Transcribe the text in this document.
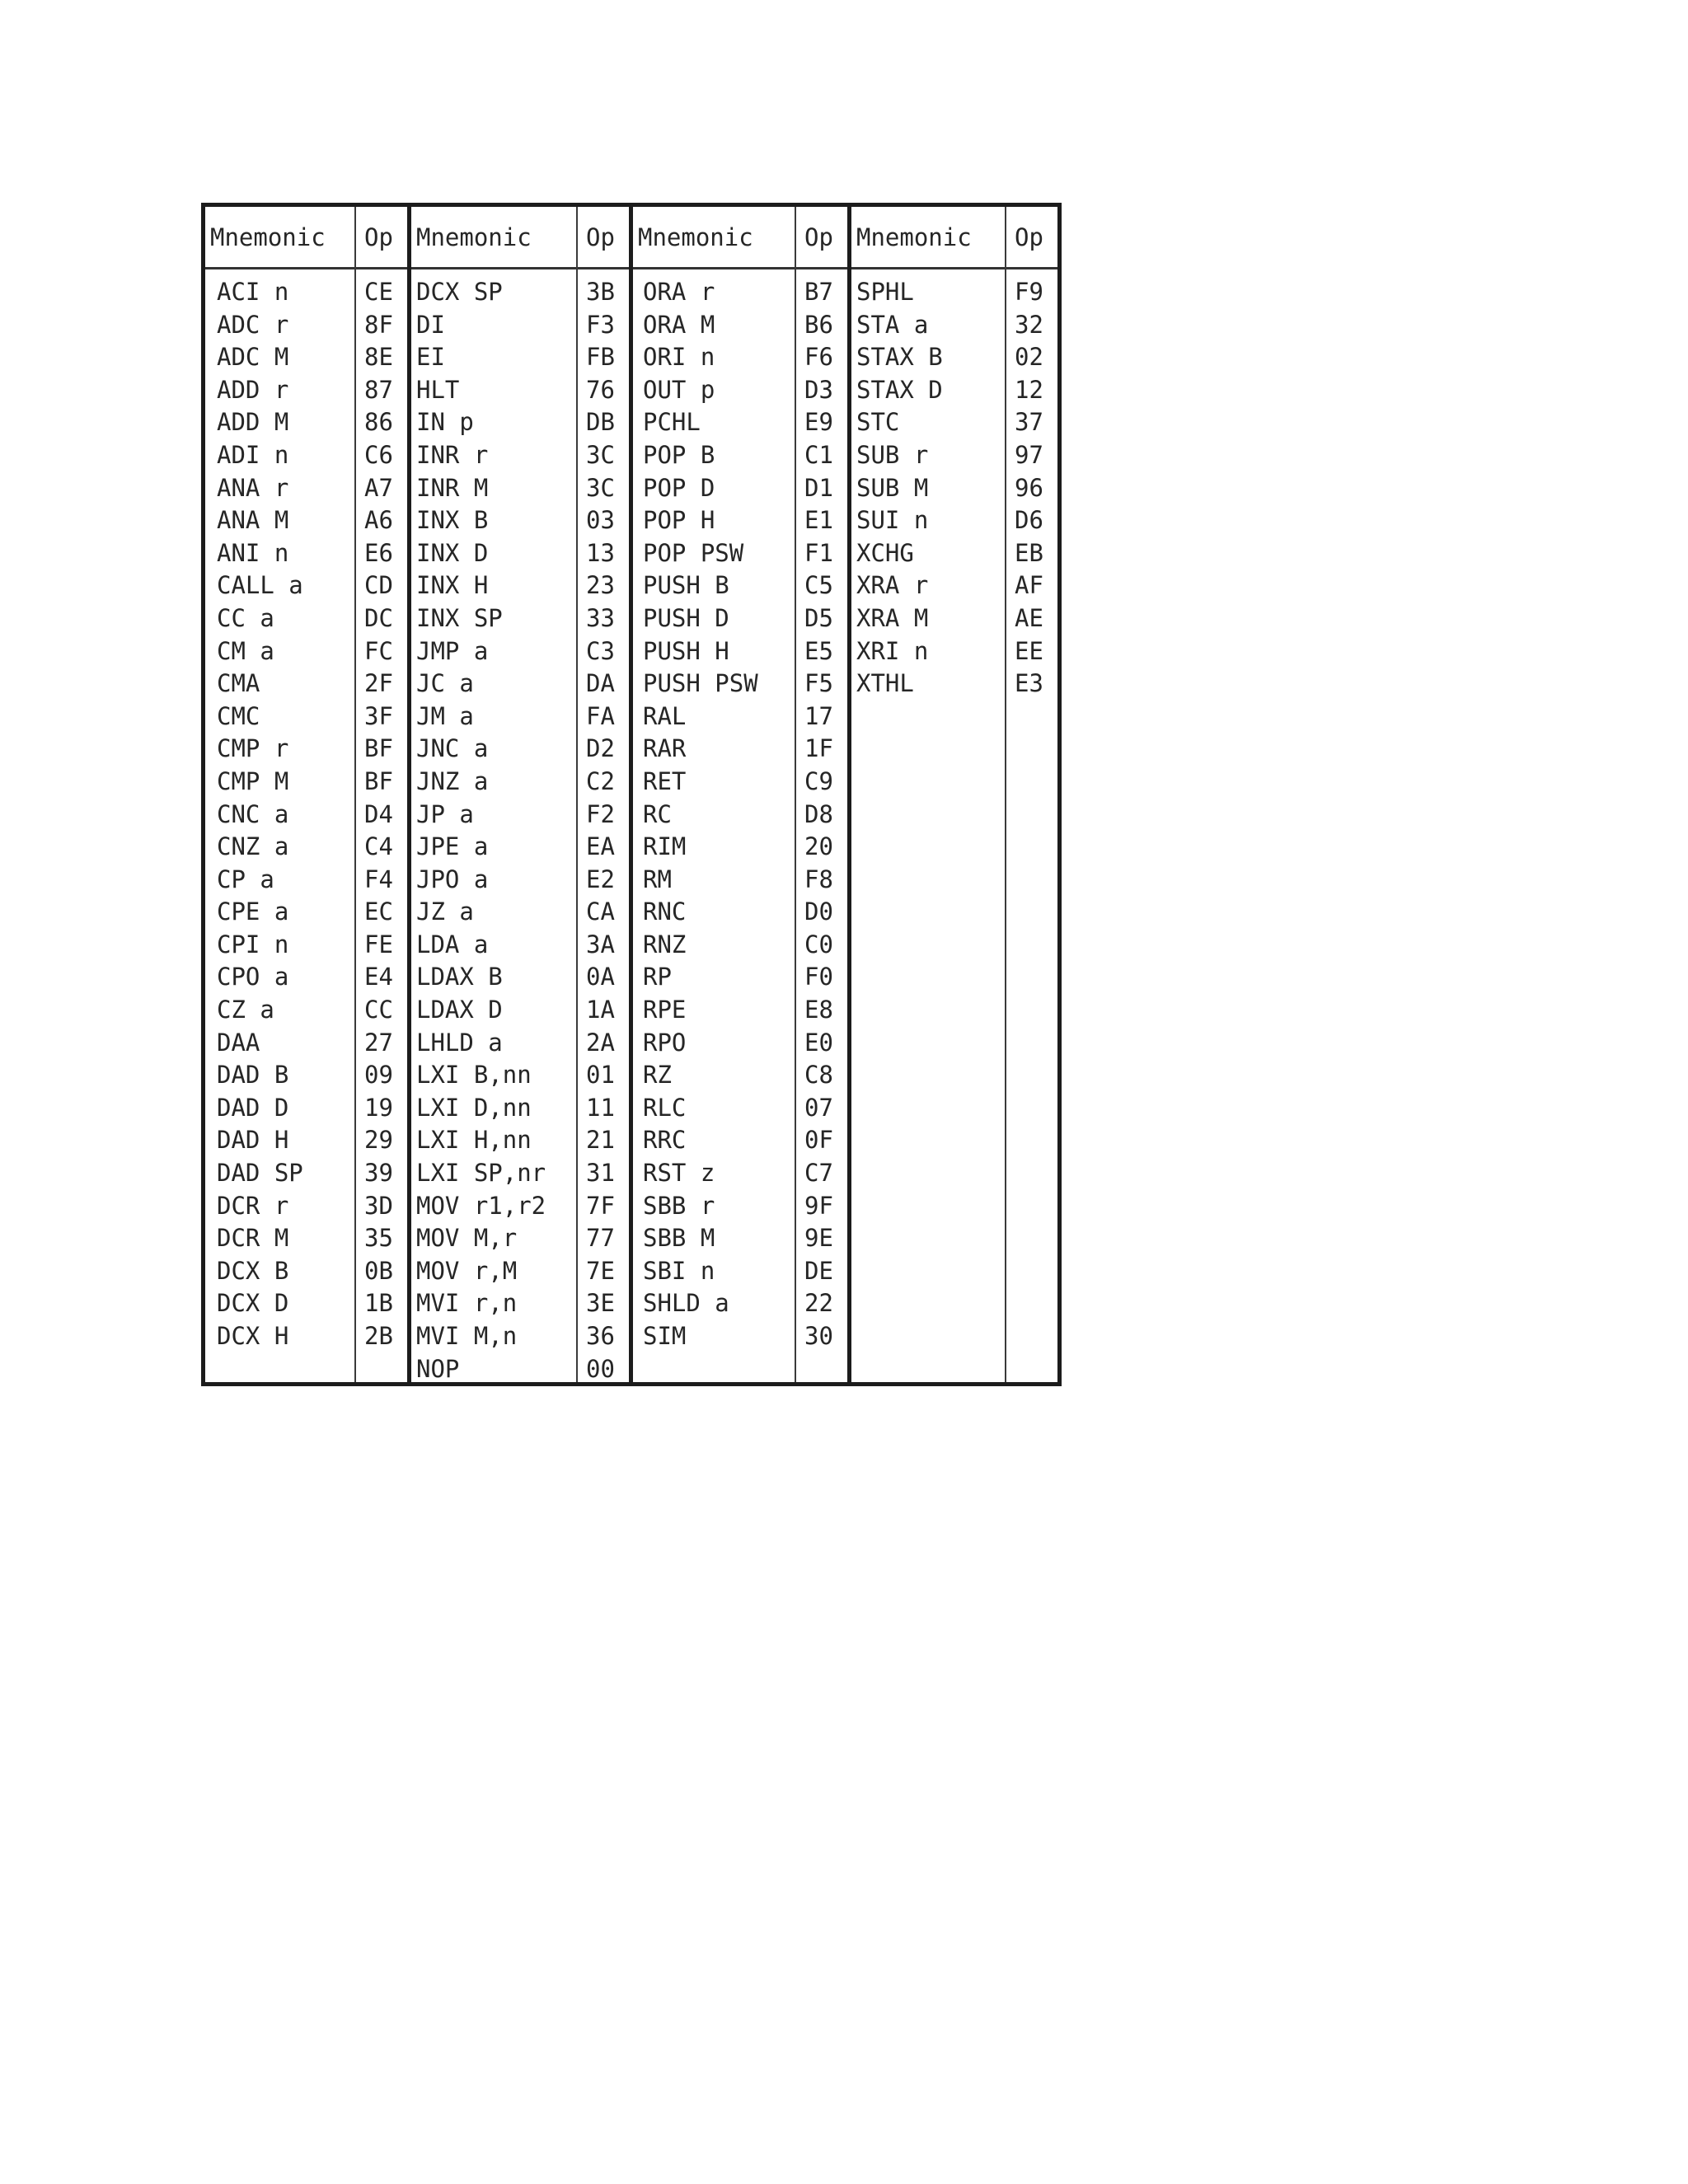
Mnemonic
ACI n
ADC r
ADC M
ADD r
ADD M
ADI n
ANA r
ANA M
ANI n
CALL a
CC a
CM a
CMA
CMC
CMP r
CMP M
CNC a
CNZ a
CP a
CPE a
CPI n
CPO a
CZ a
DAA
DAD B
DAD D
DAD H
DAD SP
DCR r
DCR M
DCX B
DCX D
DCX H
Op
CE
8F
8E
87
86
C6
A7
A6
E6
CD
DC
FC
2F
3F
BF
BF
D4
C4
F4
EC
FE
E4
CC
27
09
19
29
39
3D
35
0B
1B
2B
Mnemonic
DCX SP
DI
EI
HLT
IN p
INR r
INR M
INX B
INX D
INX H
INX SP
JMP a
JC a
JM a
JNC a
JNZ a
JP a
JPE a
JPO a
JZ a
LDA a
LDAX B
LDAX D
LHLD a
LXI B,nn
LXI D,nn
LXI H,nn
LXI SP,nr
MOV r1,r2
MOV M,r
MOV r,M
MVI r,n
MVI M,n
NOP
Op
3B
F3
FB
76
DB
3C
3C
03
13
23
33
C3
DA
FA
D2
C2
F2
EA
E2
CA
3A
0A
1A
2A
01
11
21
31
7F
77
7E
3E
36
00
Mnemonic
ORA r
ORA M
ORI n
OUT p
PCHL
POP B
POP D
POP H
POP PSW
PUSH B
PUSH D
PUSH H
PUSH PSW
RAL
RAR
RET
RC
RIM
RM
RNC
RNZ
RP
RPE
RPO
RZ
RLC
RRC
RST z
SBB r
SBB M
SBI n
SHLD a
SIM
Op
B7
B6
F6
D3
E9
C1
D1
E1
F1
C5
D5
E5
F5
17
1F
C9
D8
20
F8
D0
C0
F0
E8
E0
C8
07
0F
C7
9F
9E
DE
22
30
Mnemonic
SPHL
STA a
STAX B
STAX D
STC
SUB r
SUB M
SUI n
XCHG
XRA r
XRA M
XRI n
XTHL
Op
F9
32
02
12
37
97
96
D6
EB
AF
AE
EE
E3
